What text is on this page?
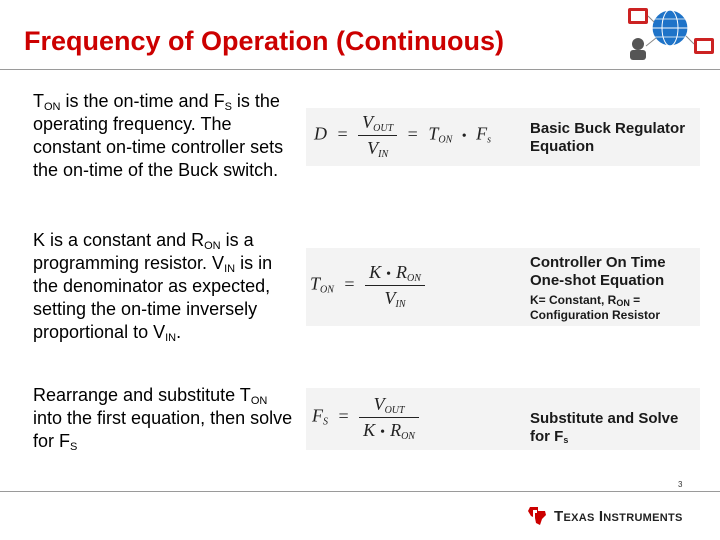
Frequency of Operation (Continuous)
$T_{ON}$ is the on-time and $F_S$ is the operating frequency. The constant on-time controller sets the on-time of the Buck switch.
$D = \frac{V_{OUT}}{V_{IN}} = T_{ON}$ • $F_s$
Basic Buck Regulator
Equation
K is a constant and $R_{ON}$ is a programming resistor. $V_{IN}$ is in the denominator as expected, setting the on-time inversely proportional to $V_{IN}$.
$T_{ON} = \frac{K • R_{ON}}{V_{IN}}$	Controller On Time
One-shot Equation
K= Constant, $R_{ON}$ =
Configuration Resistor
Rearrange and substitute $T_{ON}$ into the first equation, then solve for $F_S$
$F_S = \frac{V_{OUT}}{K • R_{ON}}$	Substitute and Solve
for $F_s$
3
TEXAS INSTRUMENTS
